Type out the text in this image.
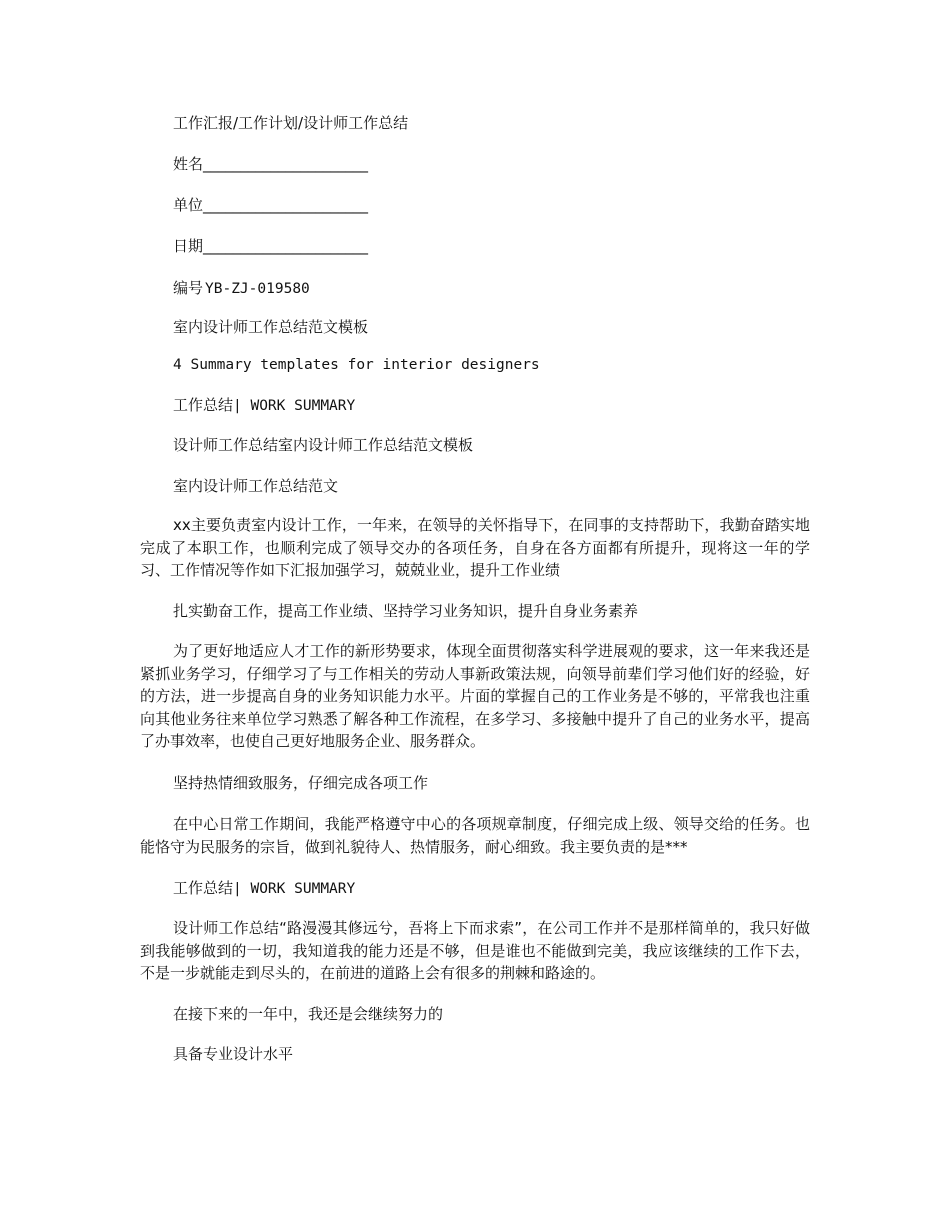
工作汇报/工作计划/设计师工作总结
姓名______________________
单位______________________
日期______________________
编号 YB-ZJ-019580
室内设计师工作总结范文模板
4 Summary templates for interior designers
工作总结| WORK SUMMARY
设计师工作总结室内设计师工作总结范文模板
室内设计师工作总结范文
xx主要负责室内设计工作，一年来，在领导的关怀指导下，在同事的支持帮助下，我勤奋踏实地完成了本职工作，也顺利完成了领导交办的各项任务，自身在各方面都有所提升，现将这一年的学习、工作情况等作如下汇报加强学习，兢兢业业，提升工作业绩
扎实勤奋工作，提高工作业绩、坚持学习业务知识，提升自身业务素养
为了更好地适应人才工作的新形势要求，体现全面贯彻落实科学进展观的要求，这一年来我还是紧抓业务学习，仔细学习了与工作相关的劳动人事新政策法规，向领导前辈们学习他们好的经验，好的方法，进一步提高自身的业务知识能力水平。片面的掌握自己的工作业务是不够的，平常我也注重向其他业务往来单位学习熟悉了解各种工作流程，在多学习、多接触中提升了自己的业务水平，提高了办事效率，也使自己更好地服务企业、服务群众。
坚持热情细致服务，仔细完成各项工作
在中心日常工作期间，我能严格遵守中心的各项规章制度，仔细完成上级、领导交给的任务。也能恪守为民服务的宗旨，做到礼貌待人、热情服务，耐心细致。我主要负责的是***
工作总结| WORK SUMMARY
设计师工作总结“路漫漫其修远兮，吾将上下而求索”，在公司工作并不是那样简单的，我只好做到我能够做到的一切，我知道我的能力还是不够，但是谁也不能做到完美，我应该继续的工作下去，不是一步就能走到尽头的，在前进的道路上会有很多的荆棘和路途的。
在接下来的一年中，我还是会继续努力的
具备专业设计水平
